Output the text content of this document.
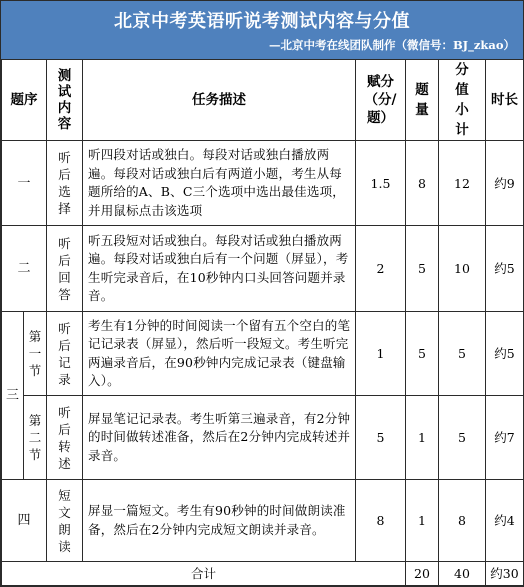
北京中考英语听说考测试内容与分值
—北京中考在线团队制作（微信号：BJ_zkao）
题序		测试内容	任务描述	赋分（分/题）	题量	分 值 小 计	时长
一		听后选择	听四段对话或独白。每段对话或独白播放两遍。每段对话或独白后有两道小题，考生从每题所给的A、B、C三个选项中选出最佳选项，并用鼠标点击该选项	1.5	8	12	约9
二		听后回答	听五段短对话或独白。每段对话或独白播放两遍。每段对话或独白后有一个问题（屏显），考生听完录音后，在10秒钟内口头回答问题并录音。	2	5	10	约5
三	第一节	听后记录	考生有1分钟的时间阅读一个留有五个空白的笔记记录表（屏显），然后听一段短文。考生听完两遍录音后，在90秒钟内完成记录表（键盘输入）。	1	5	5	约5
	第二节	听后转述	屏显笔记记录表。考生听第三遍录音，有2分钟的时间做转述准备，然后在2分钟内完成转述并录音。	5	1	5	约7
四		短文朗读	屏显一篇短文。考生有90秒钟的时间做朗读准备，然后在2分钟内完成短文朗读并录音。	8	1	8	约4
合计					20	40	约30
